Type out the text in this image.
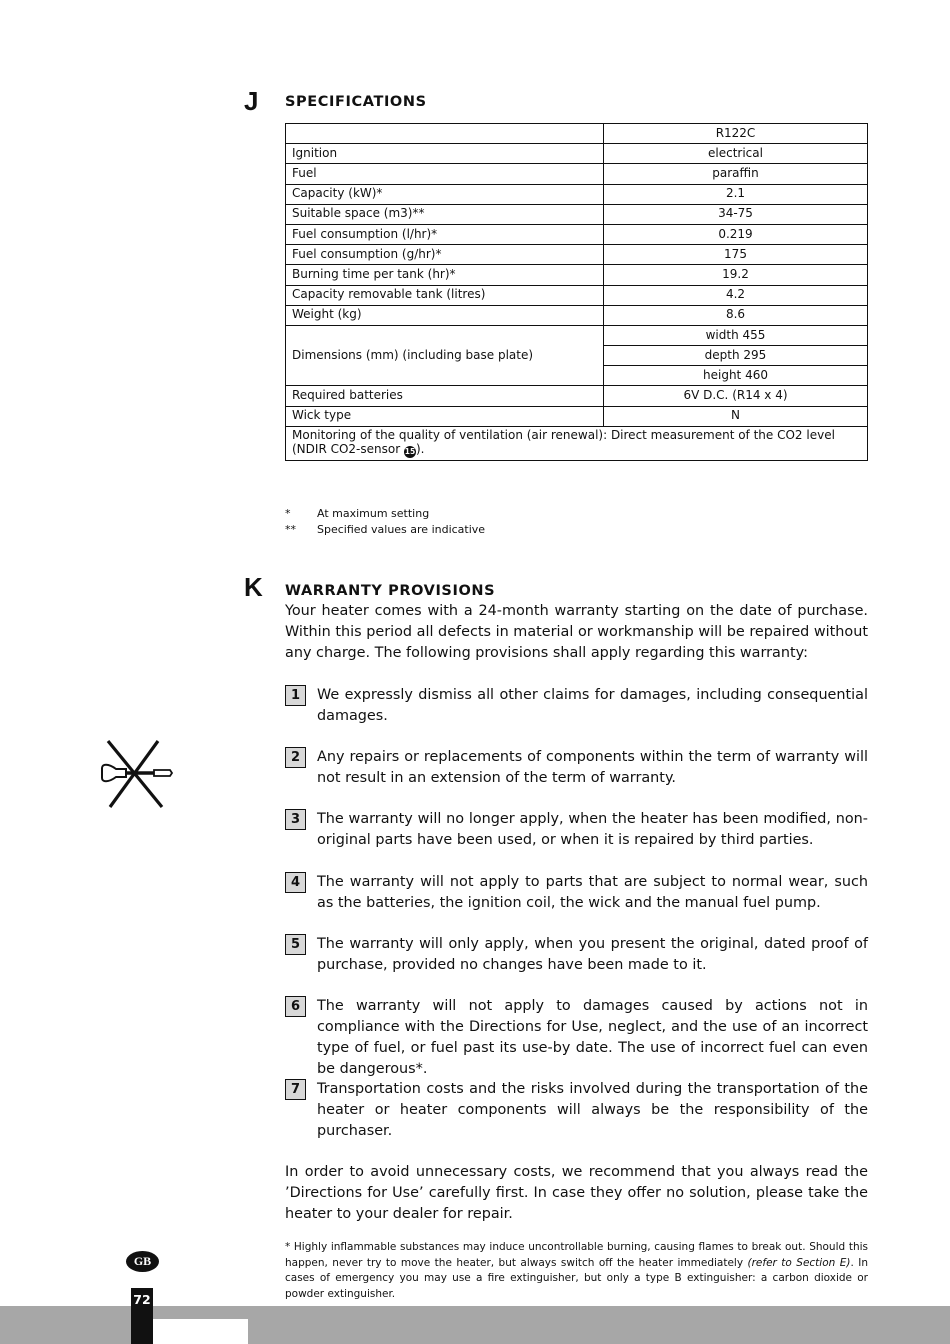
J SPECIFICATIONS
	R122C
Ignition	electrical
Fuel	paraffin
Capacity (kW)*	2.1
Suitable space (m3)**	34-75
Fuel consumption (l/hr)*	0.219
Fuel consumption (g/hr)*	175
Burning time per tank (hr)*	19.2
Capacity removable tank (litres)	4.2
Weight (kg)	8.6
Dimensions (mm) (including base plate)	width 455
	depth 295
	height 460
Required batteries	6V D.C. (R14 x 4)
Wick type	N
Monitoring of the quality of ventilation (air renewal): Direct measurement of the CO2 level (NDIR CO2-sensor 15).	
* At maximum setting
** Specified values are indicative
K WARRANTY PROVISIONS

Your heater comes with a 24-month warranty starting on the date of purchase. Within this period all defects in material or workmanship will be repaired without any charge. The following provisions shall apply regarding this warranty:

1	We expressly dismiss all other claims for damages, including consequential damages.

2	Any repairs or replacements of components within the term of warranty will not result in an extension of the term of warranty.

3	The warranty will no longer apply, when the heater has been modified, non-original parts have been used, or when it is repaired by third parties.

4	The warranty will not apply to parts that are subject to normal wear, such as the batteries, the ignition coil, the wick and the manual fuel pump.

5	The warranty will only apply, when you present the original, dated proof of purchase, provided no changes have been made to it.

6	The warranty will not apply to damages caused by actions not in compliance with the Directions for Use, neglect, and the use of an incorrect type of fuel, or fuel past its use-by date. The use of incorrect fuel can even be dangerous*.

7	Transportation costs and the risks involved during the transportation of the heater or heater components will always be the responsibility of the purchaser.

In order to avoid unnecessary costs, we recommend that you always read the ’Directions for Use’ carefully first. In case they offer no solution, please take the heater to your dealer for repair.

* Highly inflammable substances may induce uncontrollable burning, causing flames to break out. Should this happen, never try to move the heater, but always switch off the heater immediately (refer to Section E). In cases of emergency you may use a fire extinguisher, but only a type B extinguisher: a carbon dioxide or powder extinguisher.

GB
72
